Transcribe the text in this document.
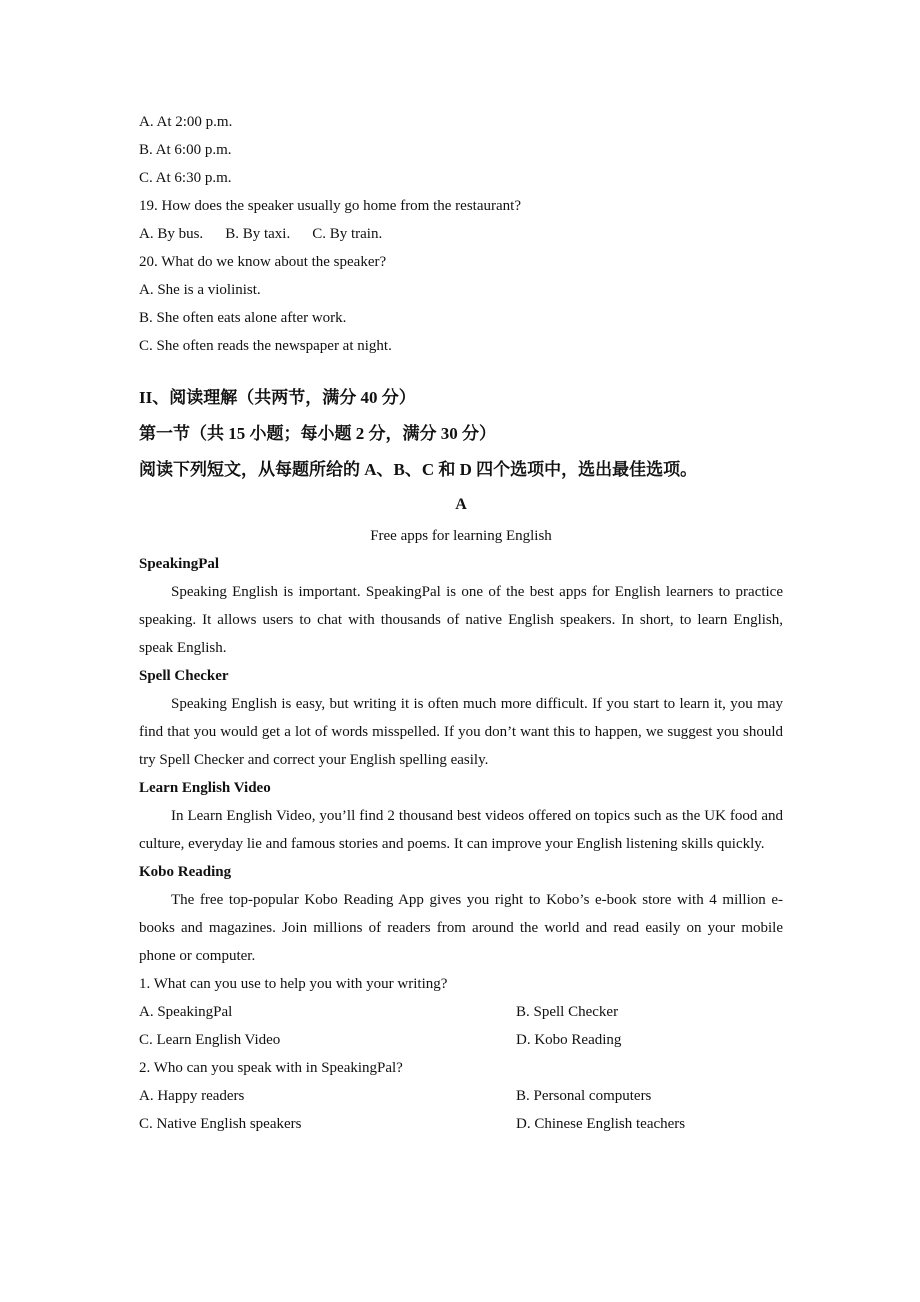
A. At 2:00 p.m.
B. At 6:00 p.m.
C. At 6:30 p.m.
19. How does the speaker usually go home from the restaurant?
A. By bus. B. By taxi. C. By train.
20. What do we know about the speaker?
A. She is a violinist.
B. She often eats alone after work.
C. She often reads the newspaper at night.
II、阅读理解（共两节，满分 40 分）
第一节（共 15 小题；每小题 2 分，满分 30 分）
阅读下列短文，从每题所给的 A、B、C 和 D 四个选项中，选出最佳选项。
A
Free apps for learning English
SpeakingPal
Speaking English is important. SpeakingPal is one of the best apps for English learners to practice speaking. It allows users to chat with thousands of native English speakers. In short, to learn English, speak English.
Spell Checker
Speaking English is easy, but writing it is often much more difficult. If you start to learn it, you may find that you would get a lot of words misspelled. If you don’t want this to happen, we suggest you should try Spell Checker and correct your English spelling easily.
Learn English Video
In Learn English Video, you’ll find 2 thousand best videos offered on topics such as the UK food and culture, everyday lie and famous stories and poems. It can improve your English listening skills quickly.
Kobo Reading
The free top-popular Kobo Reading App gives you right to Kobo’s e-book store with 4 million e-books and magazines. Join millions of readers from around the world and read easily on your mobile phone or computer.
1. What can you use to help you with your writing?
A. SpeakingPal	B. Spell Checker
C. Learn English Video	D. Kobo Reading
2. Who can you speak with in SpeakingPal?
A. Happy readers	B. Personal computers
C. Native English speakers	D. Chinese English teachers
